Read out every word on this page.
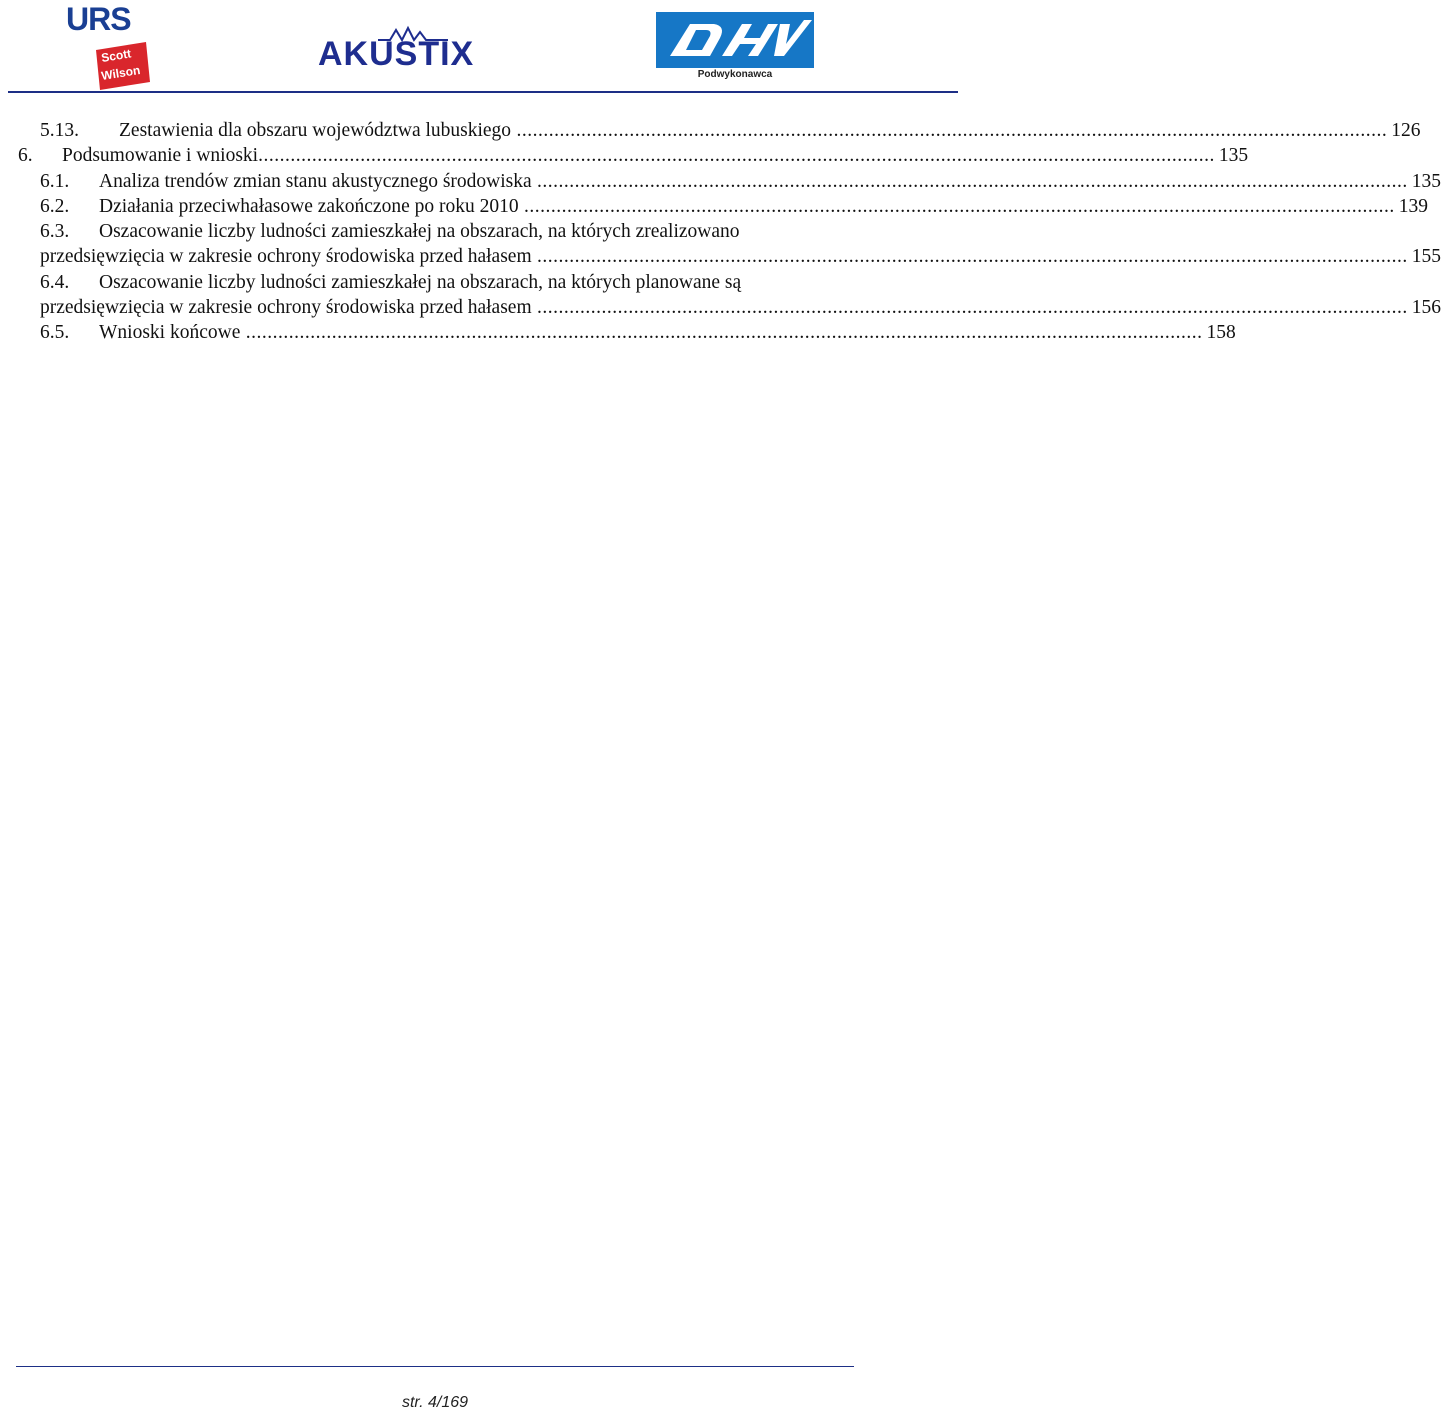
URS
Scott
Wilson	AKUSTIX
Podwykonawca
5.13. Zestawienia dla obszaru województwa lubuskiego .................................................................................................................................................................. 126
6. Podsumowanie i wnioski .................................................................................................................................................................................. 135
6.1. Analiza trendów zmian stanu akustycznego środowiska .................................................................................................................................................................. 135
6.2. Działania przeciwhałasowe zakończone po roku 2010 .................................................................................................................................................................. 139
6.3. Oszacowanie liczby ludności zamieszkałej na obszarach, na których zrealizowano
przedsięwzięcia w zakresie ochrony środowiska przed hałasem .................................................................................................................................................................. 155
6.4. Oszacowanie liczby ludności zamieszkałej na obszarach, na których planowane są
przedsięwzięcia w zakresie ochrony środowiska przed hałasem .................................................................................................................................................................. 156
6.5. Wnioski końcowe .................................................................................................................................................................................. 158
str. 4/169
